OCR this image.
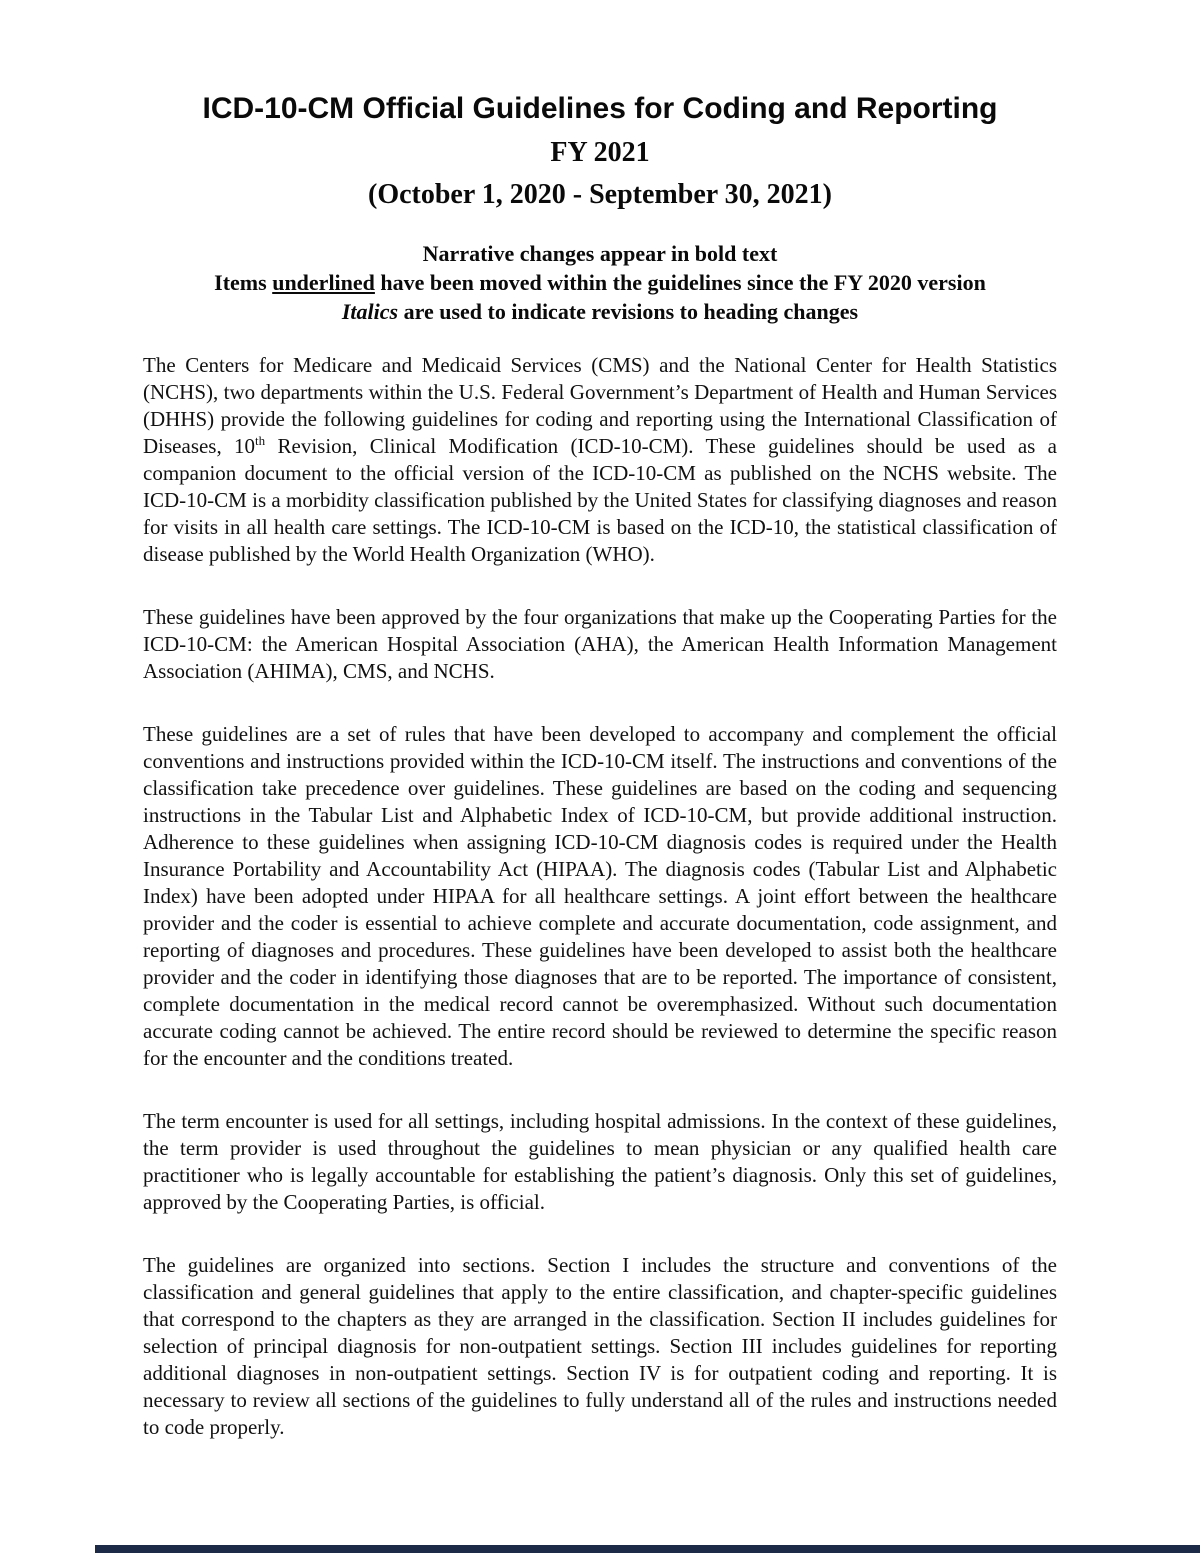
ICD-10-CM Official Guidelines for Coding and Reporting
FY 2021
(October 1, 2020 - September 30, 2021)

Narrative changes appear in bold text

Items underlined have been moved within the guidelines since the FY 2020 version

Italics are used to indicate revisions to heading changes

The Centers for Medicare and Medicaid Services (CMS) and the National Center for Health Statistics (NCHS), two departments within the U.S. Federal Government’s Department of Health and Human Services (DHHS) provide the following guidelines for coding and reporting using the International Classification of Diseases, 10th Revision, Clinical Modification (ICD-10-CM). These guidelines should be used as a companion document to the official version of the ICD-10-CM as published on the NCHS website. The ICD-10-CM is a morbidity classification published by the United States for classifying diagnoses and reason for visits in all health care settings. The ICD-10-CM is based on the ICD-10, the statistical classification of disease published by the World Health Organization (WHO).

These guidelines have been approved by the four organizations that make up the Cooperating Parties for the ICD-10-CM: the American Hospital Association (AHA), the American Health Information Management Association (AHIMA), CMS, and NCHS.

These guidelines are a set of rules that have been developed to accompany and complement the official conventions and instructions provided within the ICD-10-CM itself. The instructions and conventions of the classification take precedence over guidelines. These guidelines are based on the coding and sequencing instructions in the Tabular List and Alphabetic Index of ICD-10-CM, but provide additional instruction. Adherence to these guidelines when assigning ICD-10-CM diagnosis codes is required under the Health Insurance Portability and Accountability Act (HIPAA). The diagnosis codes (Tabular List and Alphabetic Index) have been adopted under HIPAA for all healthcare settings. A joint effort between the healthcare provider and the coder is essential to achieve complete and accurate documentation, code assignment, and reporting of diagnoses and procedures. These guidelines have been developed to assist both the healthcare provider and the coder in identifying those diagnoses that are to be reported. The importance of consistent, complete documentation in the medical record cannot be overemphasized. Without such documentation accurate coding cannot be achieved. The entire record should be reviewed to determine the specific reason for the encounter and the conditions treated.

The term encounter is used for all settings, including hospital admissions. In the context of these guidelines, the term provider is used throughout the guidelines to mean physician or any qualified health care practitioner who is legally accountable for establishing the patient’s diagnosis. Only this set of guidelines, approved by the Cooperating Parties, is official.

The guidelines are organized into sections. Section I includes the structure and conventions of the classification and general guidelines that apply to the entire classification, and chapter-specific guidelines that correspond to the chapters as they are arranged in the classification. Section II includes guidelines for selection of principal diagnosis for non-outpatient settings. Section III includes guidelines for reporting additional diagnoses in non-outpatient settings. Section IV is for outpatient coding and reporting. It is necessary to review all sections of the guidelines to fully understand all of the rules and instructions needed to code properly.
